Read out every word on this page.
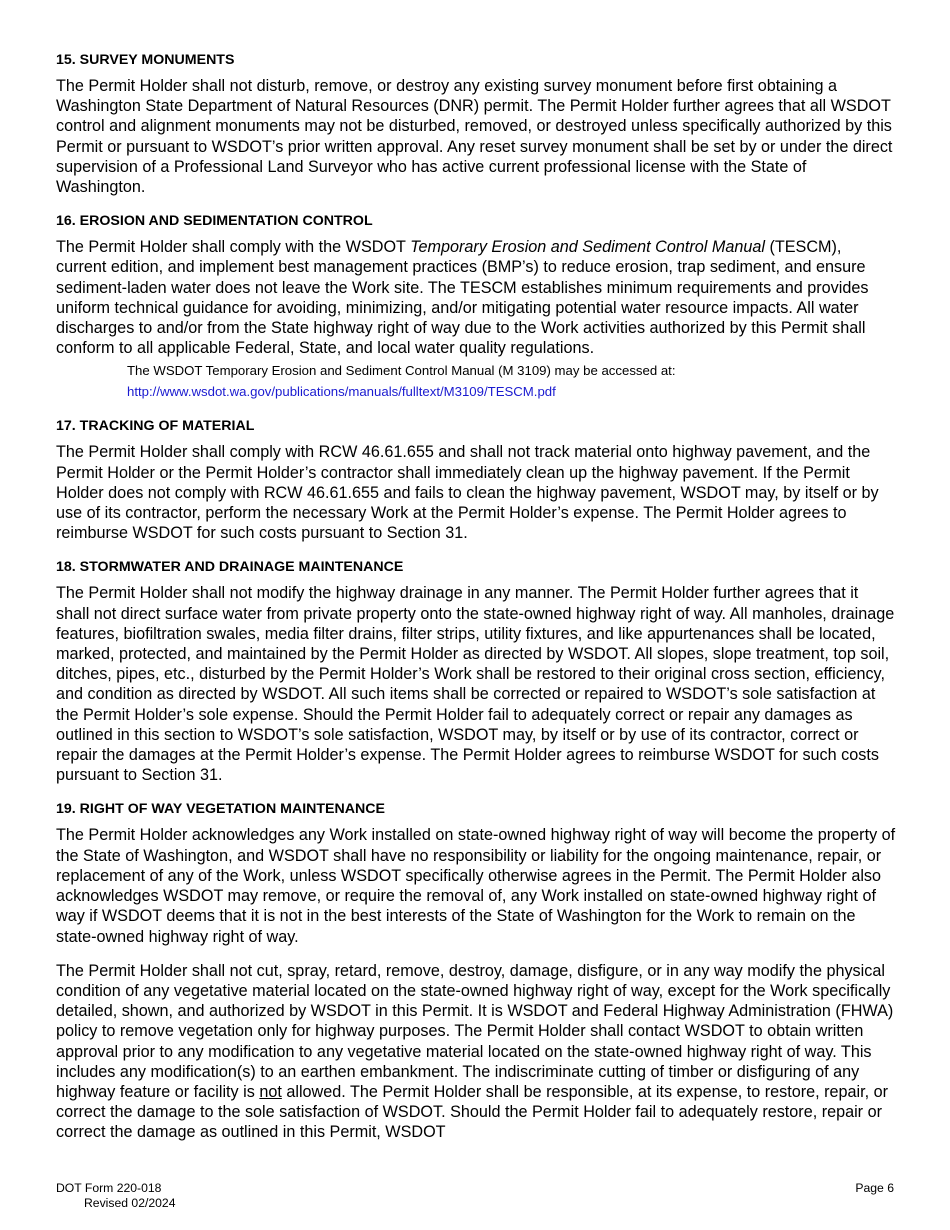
15. SURVEY MONUMENTS

The Permit Holder shall not disturb, remove, or destroy any existing survey monument before first obtaining a Washington State Department of Natural Resources (DNR) permit. The Permit Holder further agrees that all WSDOT control and alignment monuments may not be disturbed, removed, or destroyed unless specifically authorized by this Permit or pursuant to WSDOT’s prior written approval. Any reset survey monument shall be set by or under the direct supervision of a Professional Land Surveyor who has active current professional license with the State of Washington.

16. EROSION AND SEDIMENTATION CONTROL

The Permit Holder shall comply with the WSDOT Temporary Erosion and Sediment Control Manual (TESCM), current edition, and implement best management practices (BMP’s) to reduce erosion, trap sediment, and ensure sediment-laden water does not leave the Work site. The TESCM establishes minimum requirements and provides uniform technical guidance for avoiding, minimizing, and/or mitigating potential water resource impacts. All water discharges to and/or from the State highway right of way due to the Work activities authorized by this Permit shall conform to all applicable Federal, State, and local water quality regulations.

The WSDOT Temporary Erosion and Sediment Control Manual (M 3109) may be accessed at:
http://www.wsdot.wa.gov/publications/manuals/fulltext/M3109/TESCM.pdf
17. TRACKING OF MATERIAL

The Permit Holder shall comply with RCW 46.61.655 and shall not track material onto highway pavement, and the Permit Holder or the Permit Holder’s contractor shall immediately clean up the highway pavement. If the Permit Holder does not comply with RCW 46.61.655 and fails to clean the highway pavement, WSDOT may, by itself or by use of its contractor, perform the necessary Work at the Permit Holder’s expense. The Permit Holder agrees to reimburse WSDOT for such costs pursuant to Section 31.

18. STORMWATER AND DRAINAGE MAINTENANCE

The Permit Holder shall not modify the highway drainage in any manner. The Permit Holder further agrees that it shall not direct surface water from private property onto the state-owned highway right of way. All manholes, drainage features, biofiltration swales, media filter drains, filter strips, utility fixtures, and like appurtenances shall be located, marked, protected, and maintained by the Permit Holder as directed by WSDOT. All slopes, slope treatment, top soil, ditches, pipes, etc., disturbed by the Permit Holder’s Work shall be restored to their original cross section, efficiency, and condition as directed by WSDOT. All such items shall be corrected or repaired to WSDOT’s sole satisfaction at the Permit Holder’s sole expense. Should the Permit Holder fail to adequately correct or repair any damages as outlined in this section to WSDOT’s sole satisfaction, WSDOT may, by itself or by use of its contractor, correct or repair the damages at the Permit Holder’s expense. The Permit Holder agrees to reimburse WSDOT for such costs pursuant to Section 31.

19. RIGHT OF WAY VEGETATION MAINTENANCE

The Permit Holder acknowledges any Work installed on state-owned highway right of way will become the property of the State of Washington, and WSDOT shall have no responsibility or liability for the ongoing maintenance, repair, or replacement of any of the Work, unless WSDOT specifically otherwise agrees in the Permit. The Permit Holder also acknowledges WSDOT may remove, or require the removal of, any Work installed on state-owned highway right of way if WSDOT deems that it is not in the best interests of the State of Washington for the Work to remain on the state-owned highway right of way.

The Permit Holder shall not cut, spray, retard, remove, destroy, damage, disfigure, or in any way modify the physical condition of any vegetative material located on the state-owned highway right of way, except for the Work specifically detailed, shown, and authorized by WSDOT in this Permit. It is WSDOT and Federal Highway Administration (FHWA) policy to remove vegetation only for highway purposes. The Permit Holder shall contact WSDOT to obtain written approval prior to any modification to any vegetative material located on the state-owned highway right of way. This includes any modification(s) to an earthen embankment. The indiscriminate cutting of timber or disfiguring of any highway feature or facility is not allowed. The Permit Holder shall be responsible, at its expense, to restore, repair, or correct the damage to the sole satisfaction of WSDOT. Should the Permit Holder fail to adequately restore, repair or correct the damage as outlined in this Permit, WSDOT

DOT Form 220-018
Revised 02/2024
Page 6
